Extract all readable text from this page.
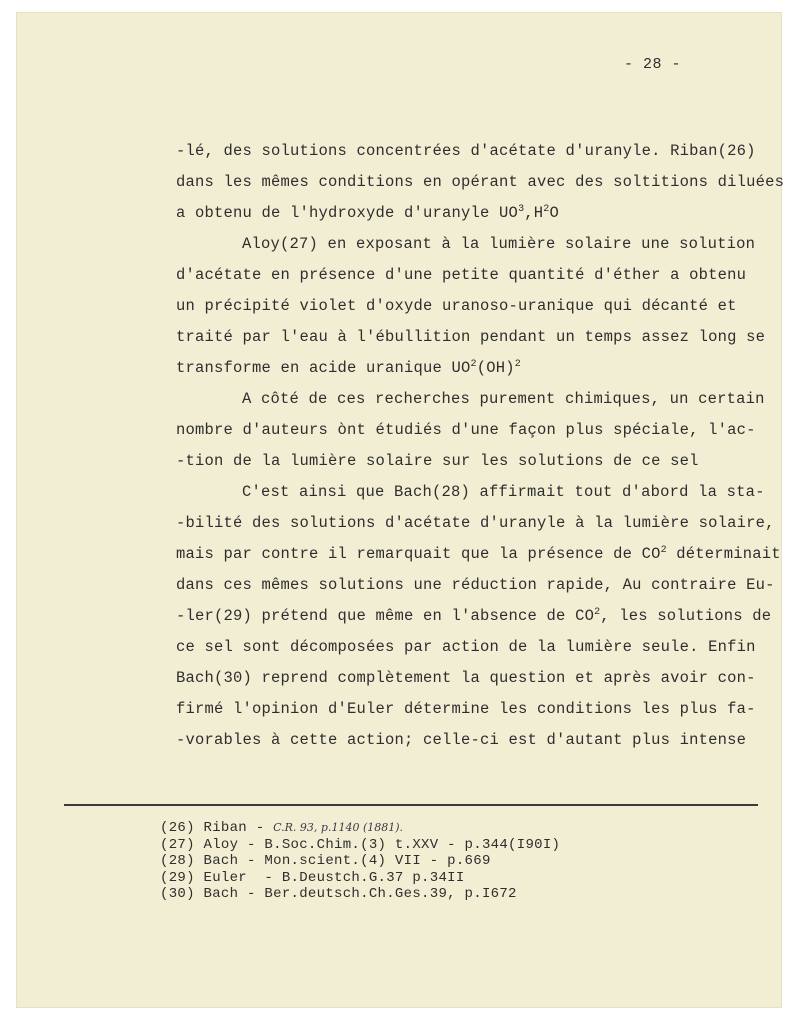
- 28 -
-lé, des solutions concentrées d'acétate d'uranyle. Riban(26)
dans les mêmes conditions en opérant avec des soltitions diluées
a obtenu de l'hydroxyde d'uranyle $UO^3,H^2O$
Aloy(27) en exposant à la lumière solaire une solution
d'acétate en présence d'une petite quantité d'éther a obtenu
un précipité violet d'oxyde uranoso-uranique qui décanté et
traité par l'eau à l'ébullition pendant un temps assez long se
transforme en acide uranique $UO^2(OH)^2$
A côté de ces recherches purement chimiques, un certain
nombre d'auteurs ònt étudiés d'une façon plus spéciale, l'ac-
-tion de la lumière solaire sur les solutions de ce sel
C'est ainsi que Bach(28) affirmait tout d'abord la sta-
-bilité des solutions d'acétate d'uranyle à la lumière solaire,
mais par contre il remarquait que la présence de $CO^2$ déterminait
dans ces mêmes solutions une réduction rapide, Au contraire Eu-
-ler(29) prétend que même en l'absence de $CO^2$, les solutions de
ce sel sont décomposées par action de la lumière seule. Enfin
Bach(30) reprend complètement la question et après avoir con-
firmé l'opinion d'Euler détermine les conditions les plus fa-
-vorables à cette action; celle-ci est d'autant plus intense
(26) Riban - C.R. 93, p.1140 (1881).
(27) Aloy - B.Soc.Chim.(3) t.XXV - p.344(I90I)
(28) Bach - Mon.scient.(4) VII - p.669
(29) Euler  - B.Deustch.G.37 p.34II
(30) Bach - Ber.deutsch.Ch.Ges.39, p.I672
